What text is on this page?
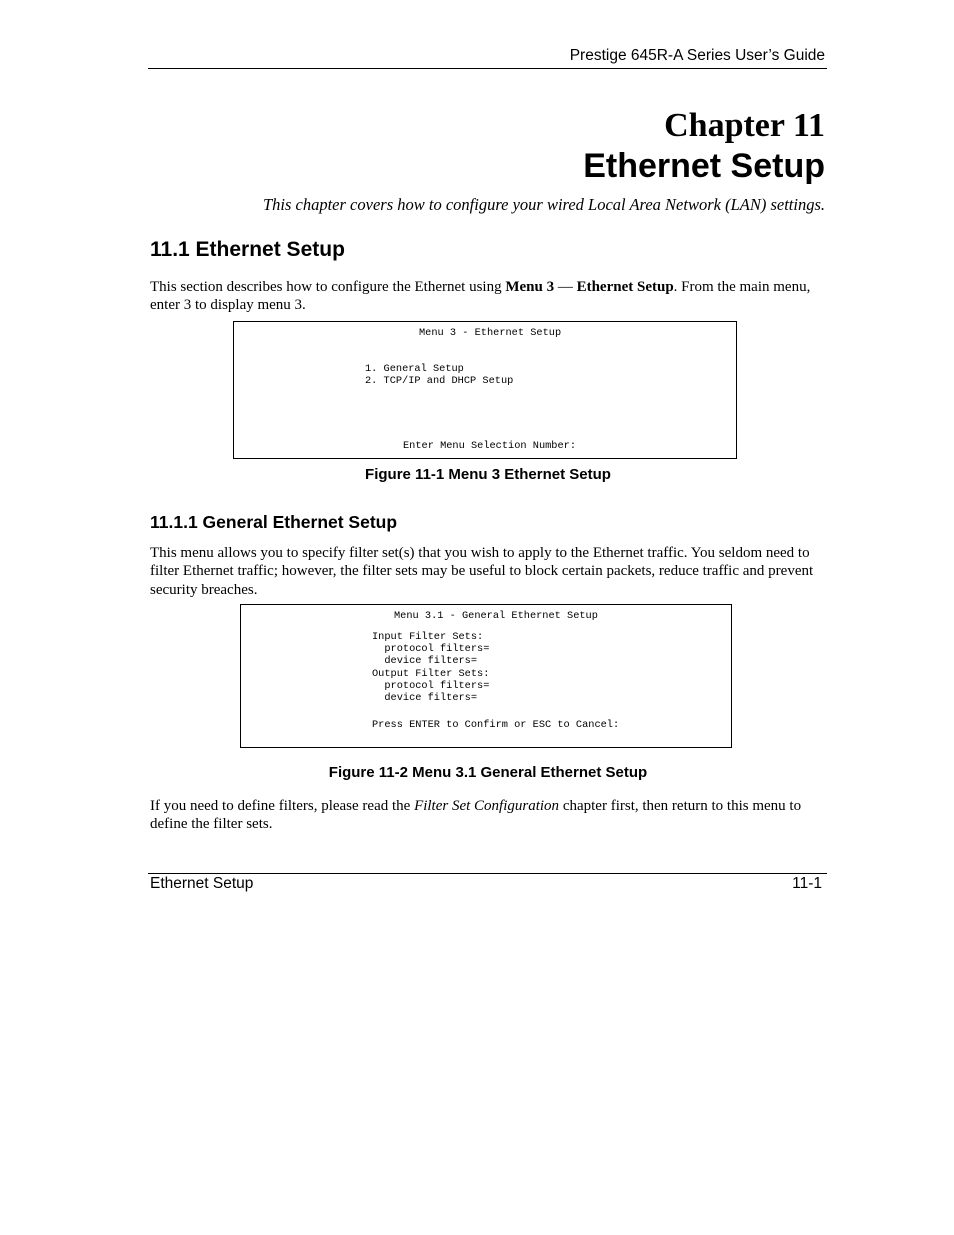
Prestige 645R-A Series User’s Guide
Chapter 11
Ethernet Setup
This chapter covers how to configure your wired Local Area Network (LAN) settings.
11.1 Ethernet Setup

This section describes how to configure the Ethernet using Menu 3 — Ethernet Setup. From the main menu, enter 3 to display menu 3.

Menu 3 - Ethernet Setup

1. General Setup

2. TCP/IP and DHCP Setup

Enter Menu Selection Number:

Figure 11-1 Menu 3 Ethernet Setup
11.1.1 General Ethernet Setup

This menu allows you to specify filter set(s) that you wish to apply to the Ethernet traffic. You seldom need to filter Ethernet traffic; however, the filter sets may be useful to block certain packets, reduce traffic and prevent security breaches.

Menu 3.1 - General Ethernet Setup

Input Filter Sets:

protocol filters=

device filters=

Output Filter Sets:

protocol filters=

device filters=

Press ENTER to Confirm or ESC to Cancel:

Figure 11-2 Menu 3.1 General Ethernet Setup

If you need to define filters, please read the Filter Set Configuration chapter first, then return to this menu to define the filter sets.

Ethernet Setup	11-1
